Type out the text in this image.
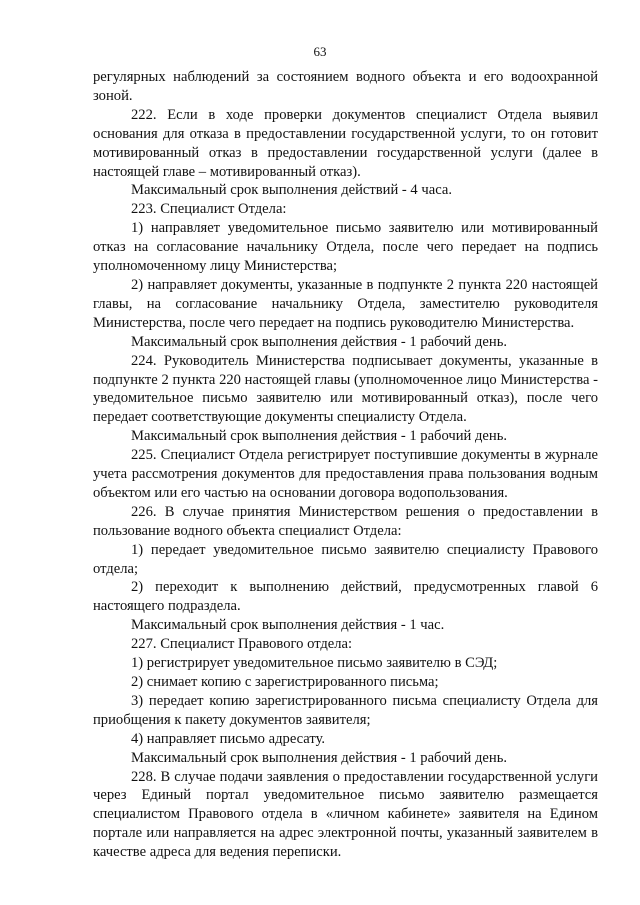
63

регулярных наблюдений за состоянием водного объекта и его водоохранной зоной.

222. Если в ходе проверки документов специалист Отдела выявил основания для отказа в предоставлении государственной услуги, то он готовит мотивированный отказ в предоставлении государственной услуги (далее в настоящей главе – мотивированный отказ).

Максимальный срок выполнения действий - 4 часа.

223. Специалист Отдела:

1) направляет уведомительное письмо заявителю или мотивированный отказ на согласование начальнику Отдела, после чего передает на подпись уполномоченному лицу Министерства;

2) направляет документы, указанные в подпункте 2 пункта 220 настоящей главы, на согласование начальнику Отдела, заместителю руководителя Министерства, после чего передает на подпись руководителю Министерства.

Максимальный срок выполнения действия - 1 рабочий день.

224. Руководитель Министерства подписывает документы, указанные в подпункте 2 пункта 220 настоящей главы (уполномоченное лицо Министерства - уведомительное письмо заявителю или мотивированный отказ), после чего передает соответствующие документы специалисту Отдела.

Максимальный срок выполнения действия - 1 рабочий день.

225. Специалист Отдела регистрирует поступившие документы в журнале учета рассмотрения документов для предоставления права пользования водным объектом или его частью на основании договора водопользования.

226. В случае принятия Министерством решения о предоставлении в пользование водного объекта специалист Отдела:

1) передает уведомительное письмо заявителю специалисту Правового отдела;

2) переходит к выполнению действий, предусмотренных главой 6 настоящего подраздела.

Максимальный срок выполнения действия - 1 час.

227. Специалист Правового отдела:

1) регистрирует уведомительное письмо заявителю в СЭД;

2) снимает копию с зарегистрированного письма;

3) передает копию зарегистрированного письма специалисту Отдела для приобщения к пакету документов заявителя;

4) направляет письмо адресату.

Максимальный срок выполнения действия - 1 рабочий день.

228. В случае подачи заявления о предоставлении государственной услуги через Единый портал уведомительное письмо заявителю размещается специалистом Правового отдела в «личном кабинете» заявителя на Едином портале или направляется на адрес электронной почты, указанный заявителем в качестве адреса для ведения переписки.
